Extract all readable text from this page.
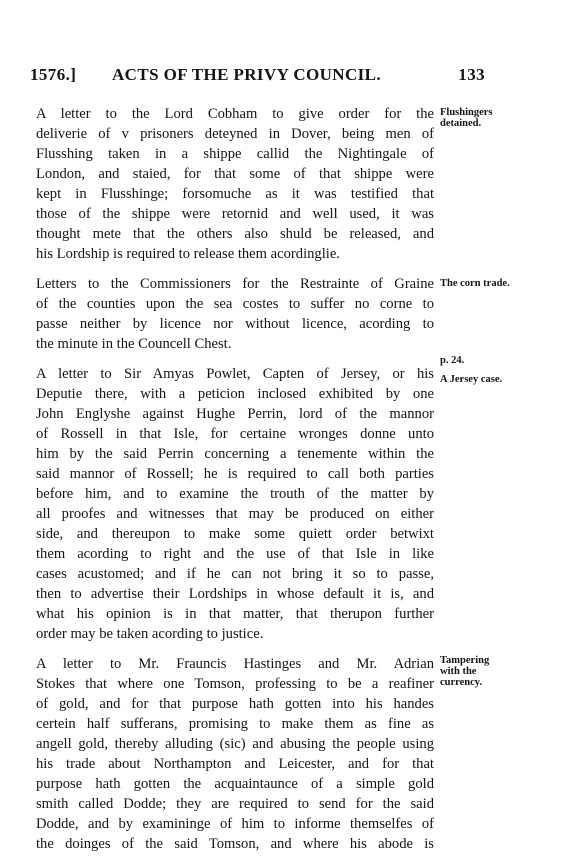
1576.] ACTS OF THE PRIVY COUNCIL.	133
A letter to the Lord Cobham to give order for the
deliverie of v prisoners deteyned in Dover, being men of
Flusshing taken in a shippe callid the Nightingale of
London, and staied, for that some of that shippe were
kept in Flusshinge; forsomuche as it was testified that
those of the shippe were retornid and well used, it was
thought mete that the others also shuld be released, and
his Lordship is required to release them acordinglie.
Letters to the Commissioners for the Restrainte of Graine
of the counties upon the sea costes to suffer no corne to
passe neither by licence nor without licence, acording to
the minute in the Councell Chest.
A letter to Sir Amyas Powlet, Capten of Jersey, or his
Deputie there, with a peticion inclosed exhibited by one
John Englyshe against Hughe Perrin, lord of the mannor
of Rossell in that Isle, for certaine wronges donne unto
him by the said Perrin concerning a tenemente within the
said mannor of Rossell; he is required to call both parties
before him, and to examine the trouth of the matter by
all proofes and witnesses that may be produced on either
side, and thereupon to make some quiett order betwixt
them acording to right and the use of that Isle in like
cases acustomed; and if he can not bring it so to passe,
then to advertise their Lordships in whose default it is, and
what his opinion is in that matter, that therupon further
order may be taken acording to justice.
A letter to Mr. Frauncis Hastinges and Mr. Adrian
Stokes that where one Tomson, professing to be a reafiner
of gold, and for that purpose hath gotten into his handes
certein half sufferans, promising to make them as fine as
angell gold, thereby alluding (sic) and abusing the people using
his trade about Northampton and Leicester, and for that
purpose hath gotten the acquaintaunce of a simple gold
smith called Dodde; they are required to send for the said
Dodde, and by examininge of him to informe themselfes of
the doinges of the said Tomson, and where his abode is
Flushingers
detained.
The corn trade.
p. 24.
A Jersey case.
Tampering
with the
currency.
